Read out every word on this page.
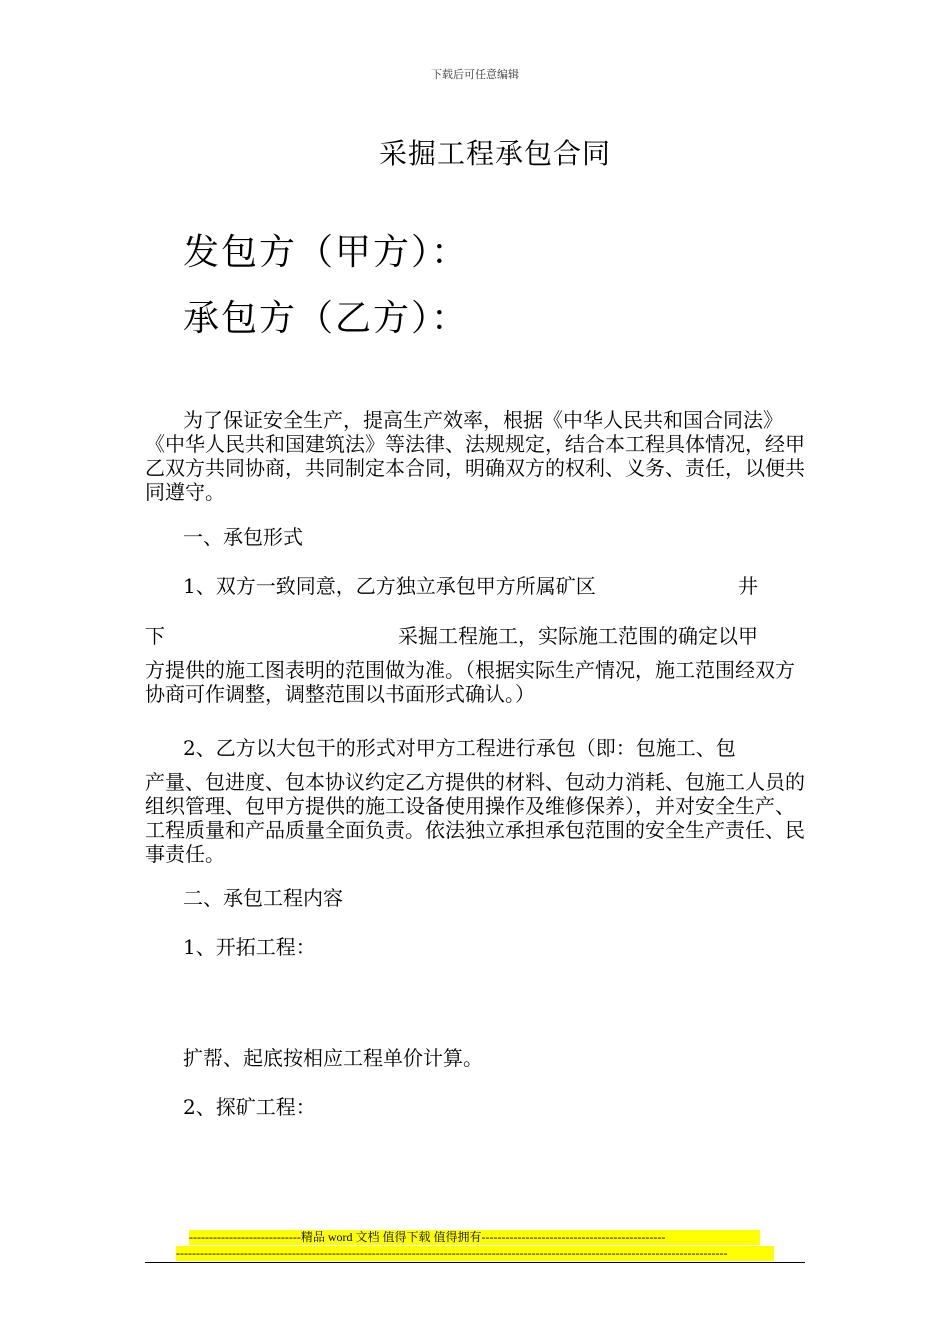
下载后可任意编辑
采掘工程承包合同
发包方（甲方）：
承包方（乙方）：
为了保证安全生产，提高生产效率，根据《中华人民共和国合同法》《中华人民共和国建筑法》等法律、法规规定，结合本工程具体情况，经甲乙双方共同协商，共同制定本合同，明确双方的权利、义务、责任，以便共同遵守。
一、承包形式
1、双方一致同意，乙方独立承包甲方所属矿区	井
下	采掘工程施工，实际施工范围的确定以甲
方提供的施工图表明的范围做为准。（根据实际生产情况，施工范围经双方协商可作调整，调整范围以书面形式确认。）
2、乙方以大包干的形式对甲方工程进行承包（即：包施工、包
产量、包进度、包本协议约定乙方提供的材料、包动力消耗、包施工人员的组织管理、包甲方提供的施工设备使用操作及维修保养），并对安全生产、工程质量和产品质量全面负责。依法独立承担承包范围的安全生产责任、民事责任。
二、承包工程内容
1、开拓工程：
扩帮、起底按相应工程单价计算。
2、探矿工程：
----------------------------精品 word 文档 值得下载 值得拥有----------------------------------------------
------------------------------------------------------------------------------------------------------------------------------------------
